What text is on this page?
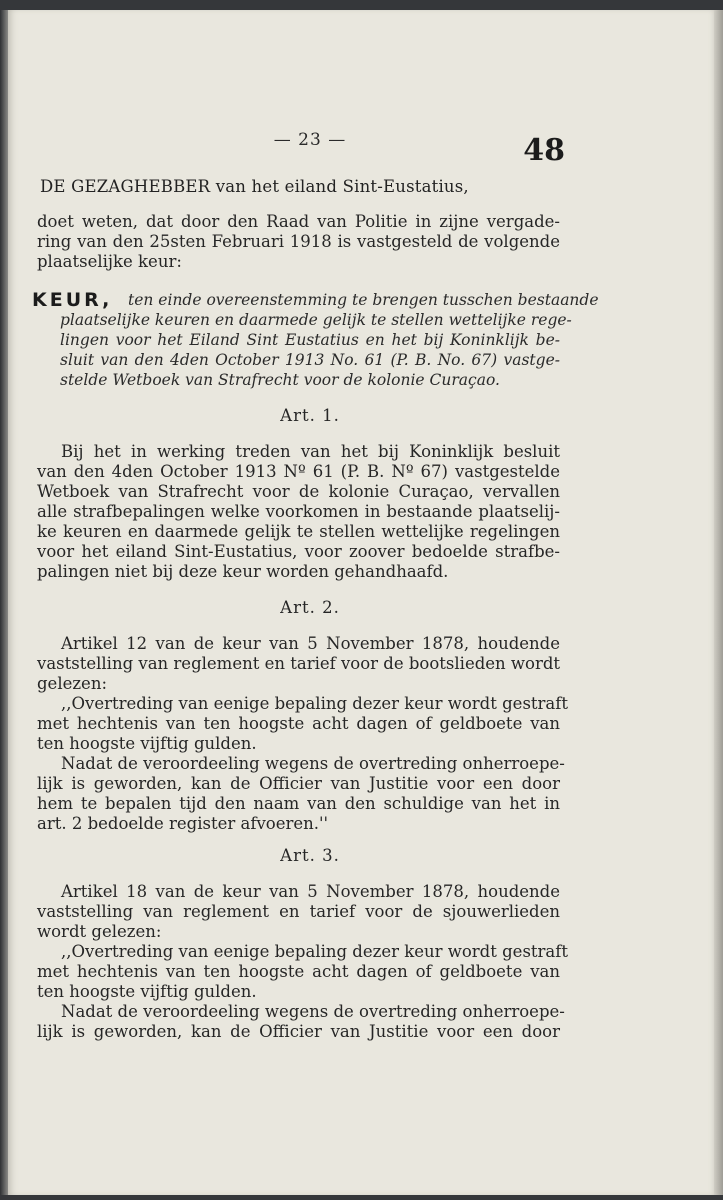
— 23 —	48
DE GEZAGHEBBER van het eiland Sint-Eustatius,
doet weten, dat door den Raad van Politie in zijne vergade-
ring van den 25sten Februari 1918 is vastgesteld de volgende
plaatselijke keur:
KEUR,	ten einde overeenstemming te brengen tusschen bestaande
plaatselijke keuren en daarmede gelijk te stellen wettelijke rege-
lingen voor het Eiland Sint Eustatius en het bij Koninklijk be-
sluit van den 4den October 1913 No. 61 (P. B. No. 67) vastge-
stelde Wetboek van Strafrecht voor de kolonie Curaçao.
Art. 1.
Bij het in werking treden van het bij Koninklijk besluit
van den 4den October 1913 Nº 61 (P. B. Nº 67) vastgestelde
Wetboek van Strafrecht voor de kolonie Curaçao, vervallen
alle strafbepalingen welke voorkomen in bestaande plaatselij-
ke keuren en daarmede gelijk te stellen wettelijke regelingen
voor het eiland Sint-Eustatius, voor zoover bedoelde strafbe-
palingen niet bij deze keur worden gehandhaafd.
Art. 2.
Artikel 12 van de keur van 5 November 1878, houdende
vaststelling van reglement en tarief voor de bootslieden wordt
gelezen:
,,Overtreding van eenige bepaling dezer keur wordt gestraft
met hechtenis van ten hoogste acht dagen of geldboete van
ten hoogste vijftig gulden.
Nadat de veroordeeling wegens de overtreding onherroepe-
lijk is geworden, kan de Officier van Justitie voor een door
hem te bepalen tijd den naam van den schuldige van het in
art. 2 bedoelde register afvoeren.''
Art. 3.
Artikel 18 van de keur van 5 November 1878, houdende
vaststelling van reglement en tarief voor de sjouwerlieden
wordt gelezen:
,,Overtreding van eenige bepaling dezer keur wordt gestraft
met hechtenis van ten hoogste acht dagen of geldboete van
ten hoogste vijftig gulden.
Nadat de veroordeeling wegens de overtreding onherroepe-
lijk is geworden, kan de Officier van Justitie voor een door
